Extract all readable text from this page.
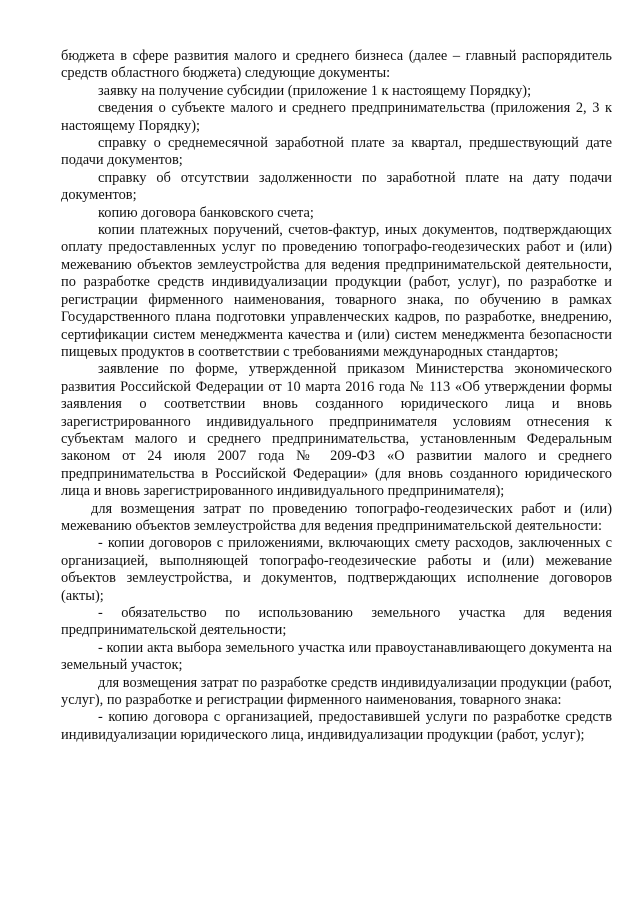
бюджета в сфере развития малого и среднего бизнеса (далее – главный распорядитель средств областного бюджета) следующие документы:

заявку на получение субсидии (приложение 1 к настоящему Порядку);

сведения о субъекте малого и среднего предпринимательства (приложения 2, 3 к настоящему Порядку);

справку о среднемесячной заработной плате за квартал, предшествующий дате подачи документов;

справку об отсутствии задолженности по заработной плате на дату подачи документов;

копию договора банковского счета;

копии платежных поручений, счетов-фактур, иных документов, подтверждающих оплату предоставленных услуг по проведению топографо-геодезических работ и (или) межеванию объектов землеустройства для ведения предпринимательской деятельности, по разработке средств индивидуализации продукции (работ, услуг), по разработке и регистрации фирменного наименования, товарного знака, по обучению в рамках Государственного плана подготовки управленческих кадров, по разработке, внедрению, сертификации систем менеджмента качества и (или) систем менеджмента безопасности пищевых продуктов в соответствии с требованиями международных стандартов;

заявление по форме, утвержденной приказом Министерства экономического развития Российской Федерации от 10 марта 2016 года № 113 «Об утверждении формы заявления о соответствии вновь созданного юридического лица и вновь зарегистрированного индивидуального предпринимателя условиям отнесения к субъектам малого и среднего предпринимательства, установленным Федеральным законом от 24 июля 2007 года № 209-ФЗ «О развитии малого и среднего предпринимательства в Российской Федерации» (для вновь созданного юридического лица и вновь зарегистрированного индивидуального предпринимателя);

для возмещения затрат по проведению топографо-геодезических работ и (или) межеванию объектов землеустройства для ведения предпринимательской деятельности:

- копии договоров с приложениями, включающих смету расходов, заключенных с организацией, выполняющей топографо-геодезические работы и (или) межевание объектов землеустройства, и документов, подтверждающих исполнение договоров (акты);

- обязательство по использованию земельного участка для ведения предпринимательской деятельности;

- копии акта выбора земельного участка или правоустанавливающего документа на земельный участок;

для возмещения затрат по разработке средств индивидуализации продукции (работ, услуг), по разработке и регистрации фирменного наименования, товарного знака:

- копию договора с организацией, предоставившей услуги по разработке средств индивидуализации юридического лица, индивидуализации продукции (работ, услуг);
